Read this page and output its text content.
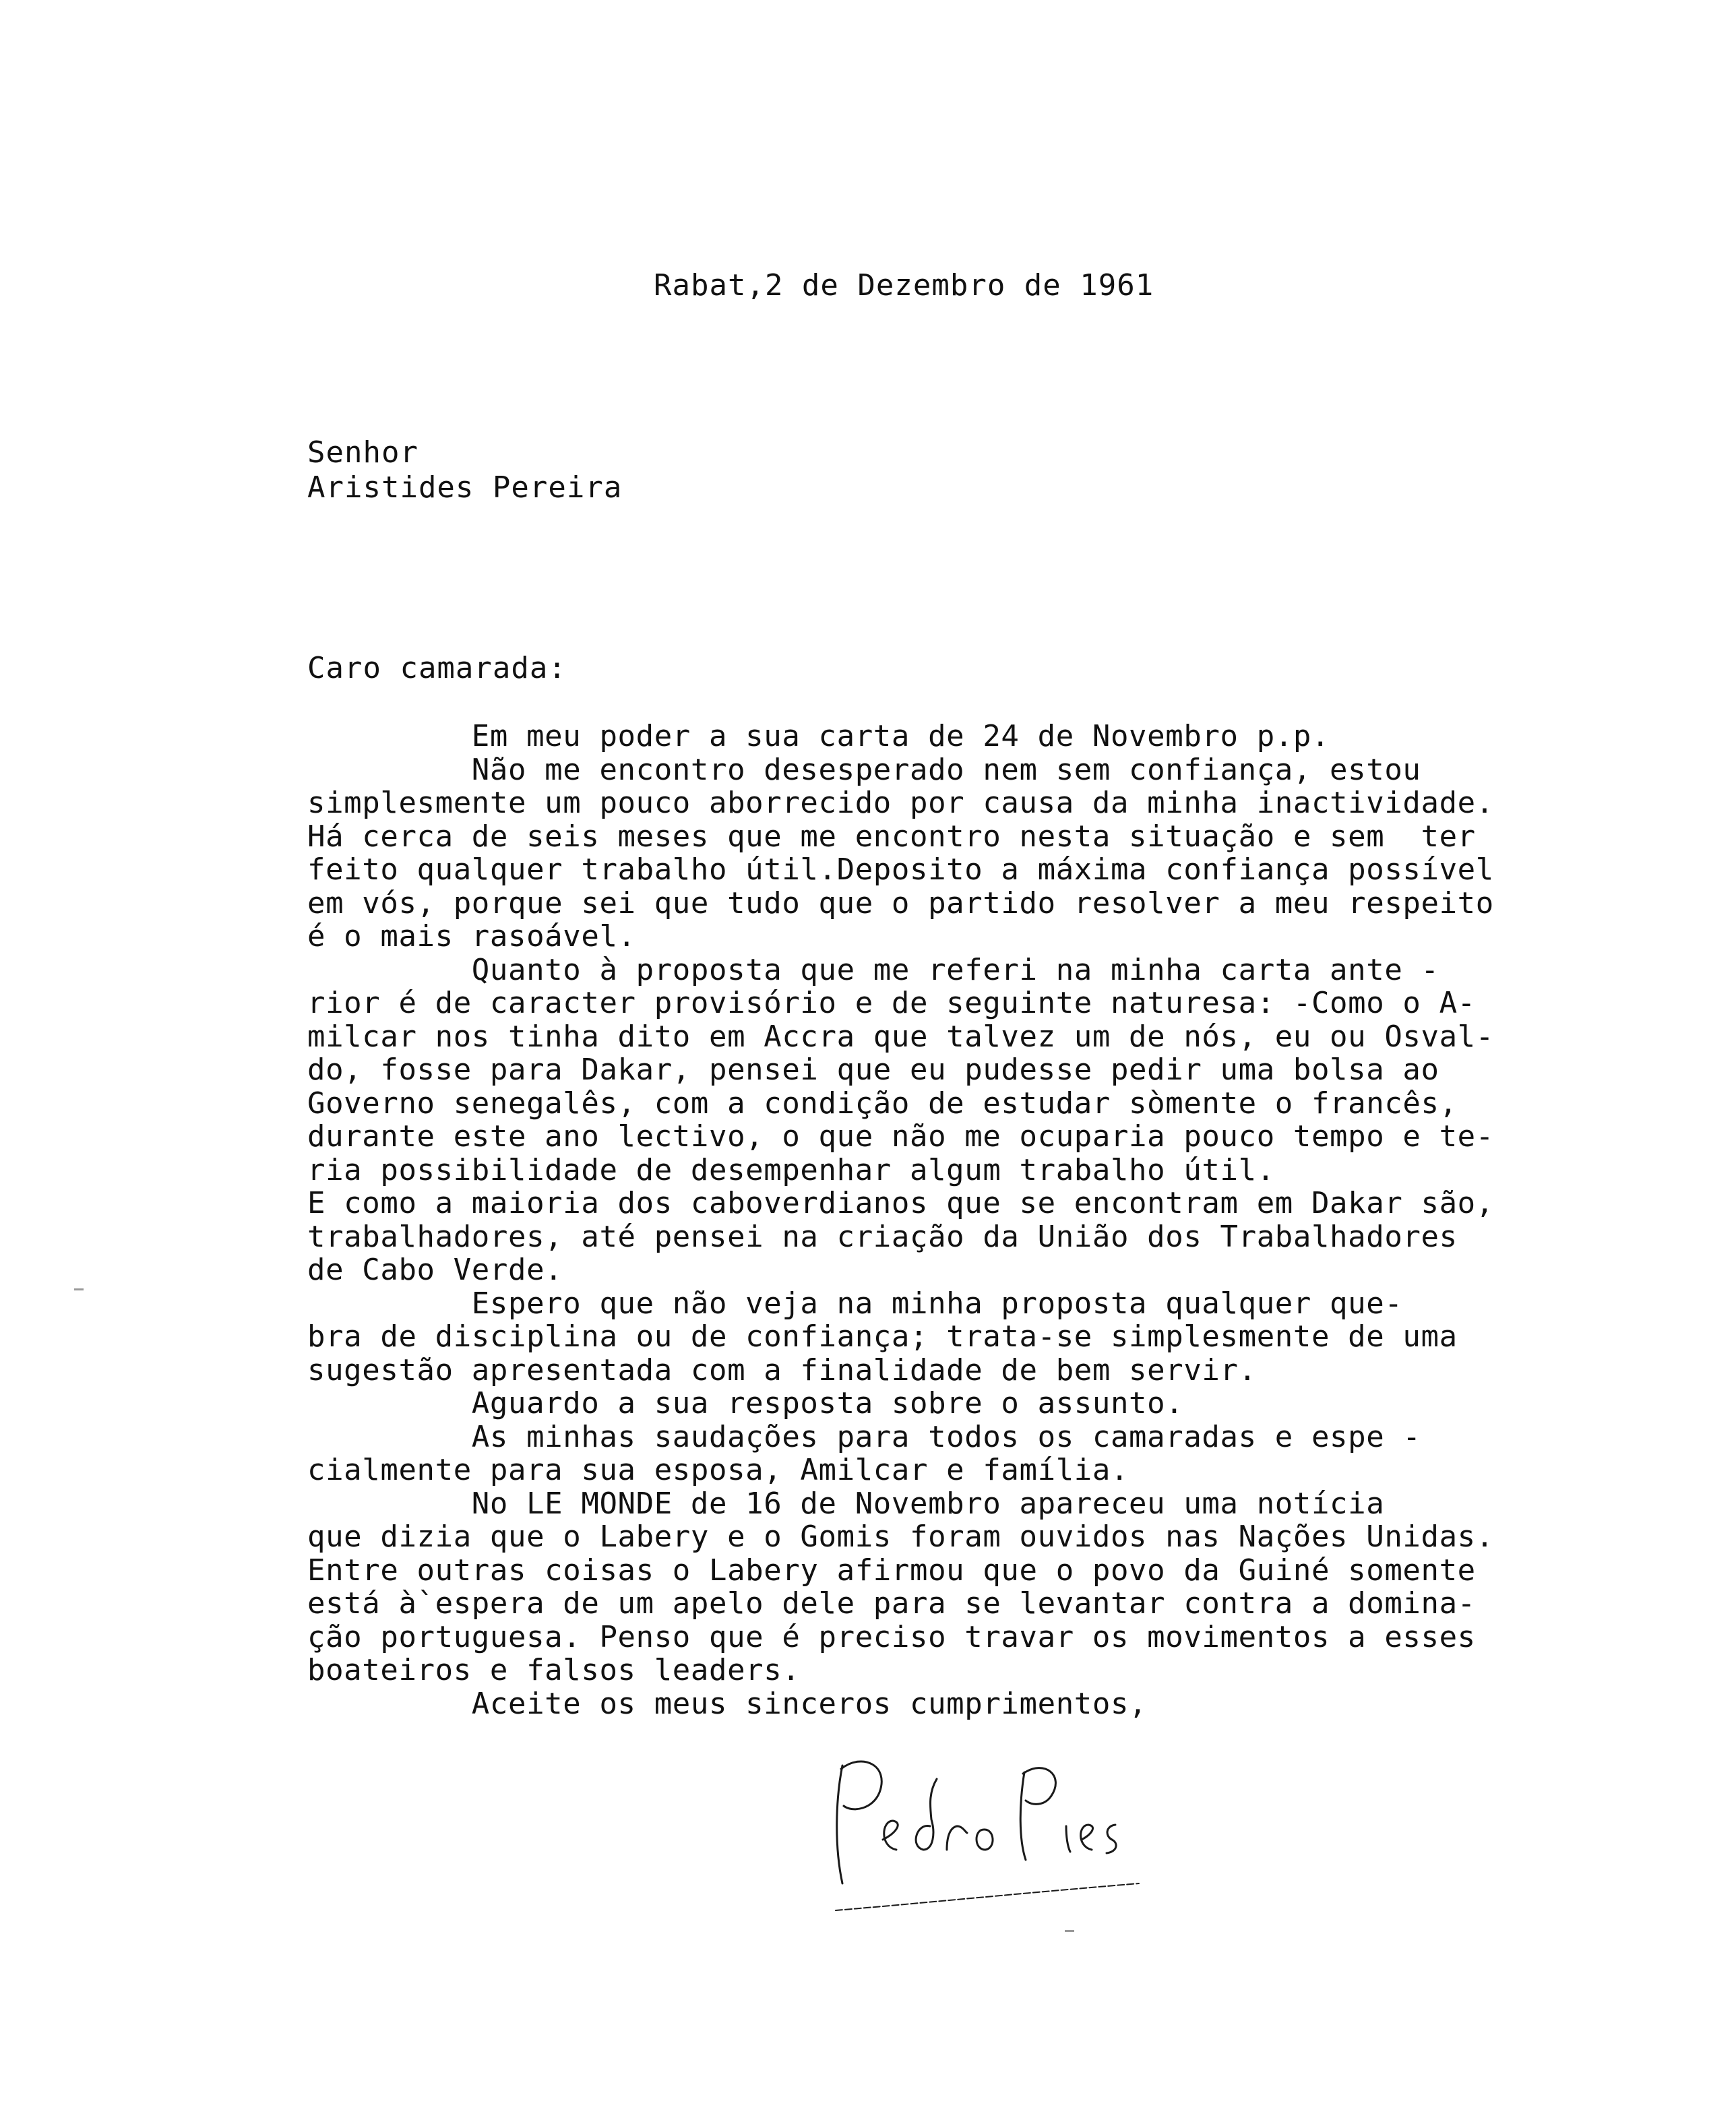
Rabat,2 de Dezembro de 1961
Senhor
Aristides Pereira
Caro camarada:
Em meu poder a sua carta de 24 de Novembro p.p.
Não me encontro desesperado nem sem confiança, estou
simplesmente um pouco aborrecido por causa da minha inactividade.
Há cerca de seis meses que me encontro nesta situação e sem  ter
feito qualquer trabalho útil.Deposito a máxima confiança possível
em vós, porque sei que tudo que o partido resolver a meu respeito
é o mais rasoável.
Quanto à proposta que me referi na minha carta ante -
rior é de caracter provisório e de seguinte naturesa: -Como o A-
milcar nos tinha dito em Accra que talvez um de nós, eu ou Osval-
do, fosse para Dakar, pensei que eu pudesse pedir uma bolsa ao
Governo senegalês, com a condição de estudar sòmente o francês,
durante este ano lectivo, o que não me ocuparia pouco tempo e te-
ria possibilidade de desempenhar algum trabalho útil.
E como a maioria dos caboverdianos que se encontram em Dakar são,
trabalhadores, até pensei na criação da União dos Trabalhadores
de Cabo Verde.
Espero que não veja na minha proposta qualquer que-
bra de disciplina ou de confiança; trata-se simplesmente de uma
sugestão apresentada com a finalidade de bem servir.
Aguardo a sua resposta sobre o assunto.
As minhas saudações para todos os camaradas e espe -
cialmente para sua esposa, Amilcar e família.
No LE MONDE de 16 de Novembro apareceu uma notícia
que dizia que o Labery e o Gomis foram ouvidos nas Nações Unidas.
Entre outras coisas o Labery afirmou que o povo da Guiné somente
está à`espera de um apelo dele para se levantar contra a domina-
ção portuguesa. Penso que é preciso travar os movimentos a esses
boateiros e falsos leaders.
Aceite os meus sinceros cumprimentos,
